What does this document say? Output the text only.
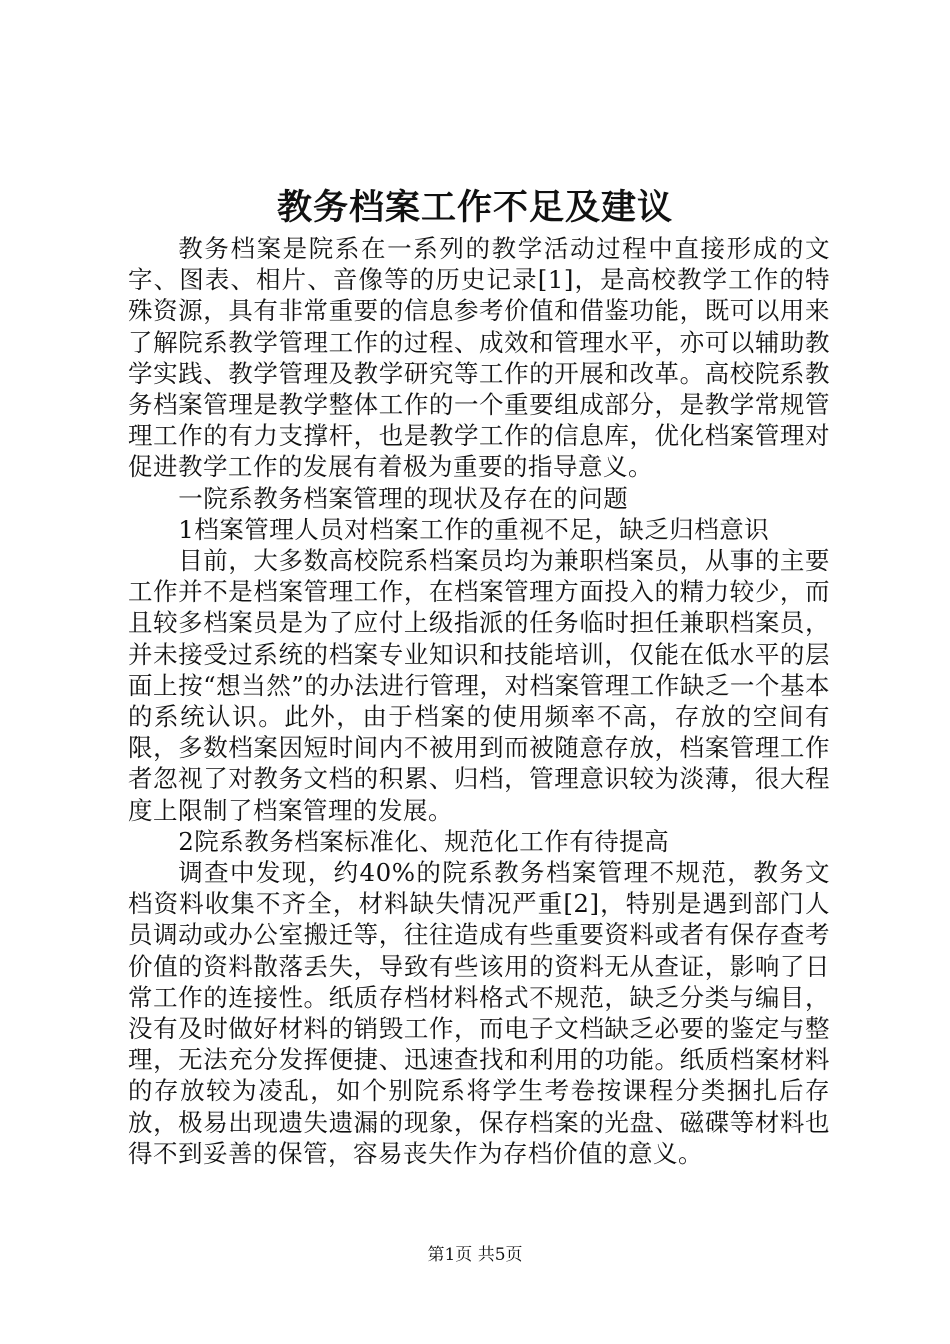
教务档案工作不足及建议

教务档案是院系在一系列的教学活动过程中直接形成的文字、图表、相片、音像等的历史记录[1]，是高校教学工作的特殊资源，具有非常重要的信息参考价值和借鉴功能，既可以用来了解院系教学管理工作的过程、成效和管理水平，亦可以辅助教学实践、教学管理及教学研究等工作的开展和改革。高校院系教务档案管理是教学整体工作的一个重要组成部分，是教学常规管理工作的有力支撑杆，也是教学工作的信息库，优化档案管理对促进教学工作的发展有着极为重要的指导意义。

一院系教务档案管理的现状及存在的问题

1档案管理人员对档案工作的重视不足，缺乏归档意识

目前，大多数高校院系档案员均为兼职档案员，从事的主要工作并不是档案管理工作，在档案管理方面投入的精力较少，而且较多档案员是为了应付上级指派的任务临时担任兼职档案员，并未接受过系统的档案专业知识和技能培训，仅能在低水平的层面上按“想当然”的办法进行管理，对档案管理工作缺乏一个基本的系统认识。此外，由于档案的使用频率不高，存放的空间有限，多数档案因短时间内不被用到而被随意存放，档案管理工作者忽视了对教务文档的积累、归档，管理意识较为淡薄，很大程度上限制了档案管理的发展。

2院系教务档案标准化、规范化工作有待提高

调查中发现，约40%的院系教务档案管理不规范，教务文档资料收集不齐全，材料缺失情况严重[2]，特别是遇到部门人员调动或办公室搬迁等，往往造成有些重要资料或者有保存查考价值的资料散落丢失，导致有些该用的资料无从查证，影响了日常工作的连接性。纸质存档材料格式不规范，缺乏分类与编目，没有及时做好材料的销毁工作，而电子文档缺乏必要的鉴定与整理，无法充分发挥便捷、迅速查找和利用的功能。纸质档案材料的存放较为凌乱，如个别院系将学生考卷按课程分类捆扎后存放，极易出现遗失遗漏的现象，保存档案的光盘、磁碟等材料也得不到妥善的保管，容易丧失作为存档价值的意义。

第1页 共5页
